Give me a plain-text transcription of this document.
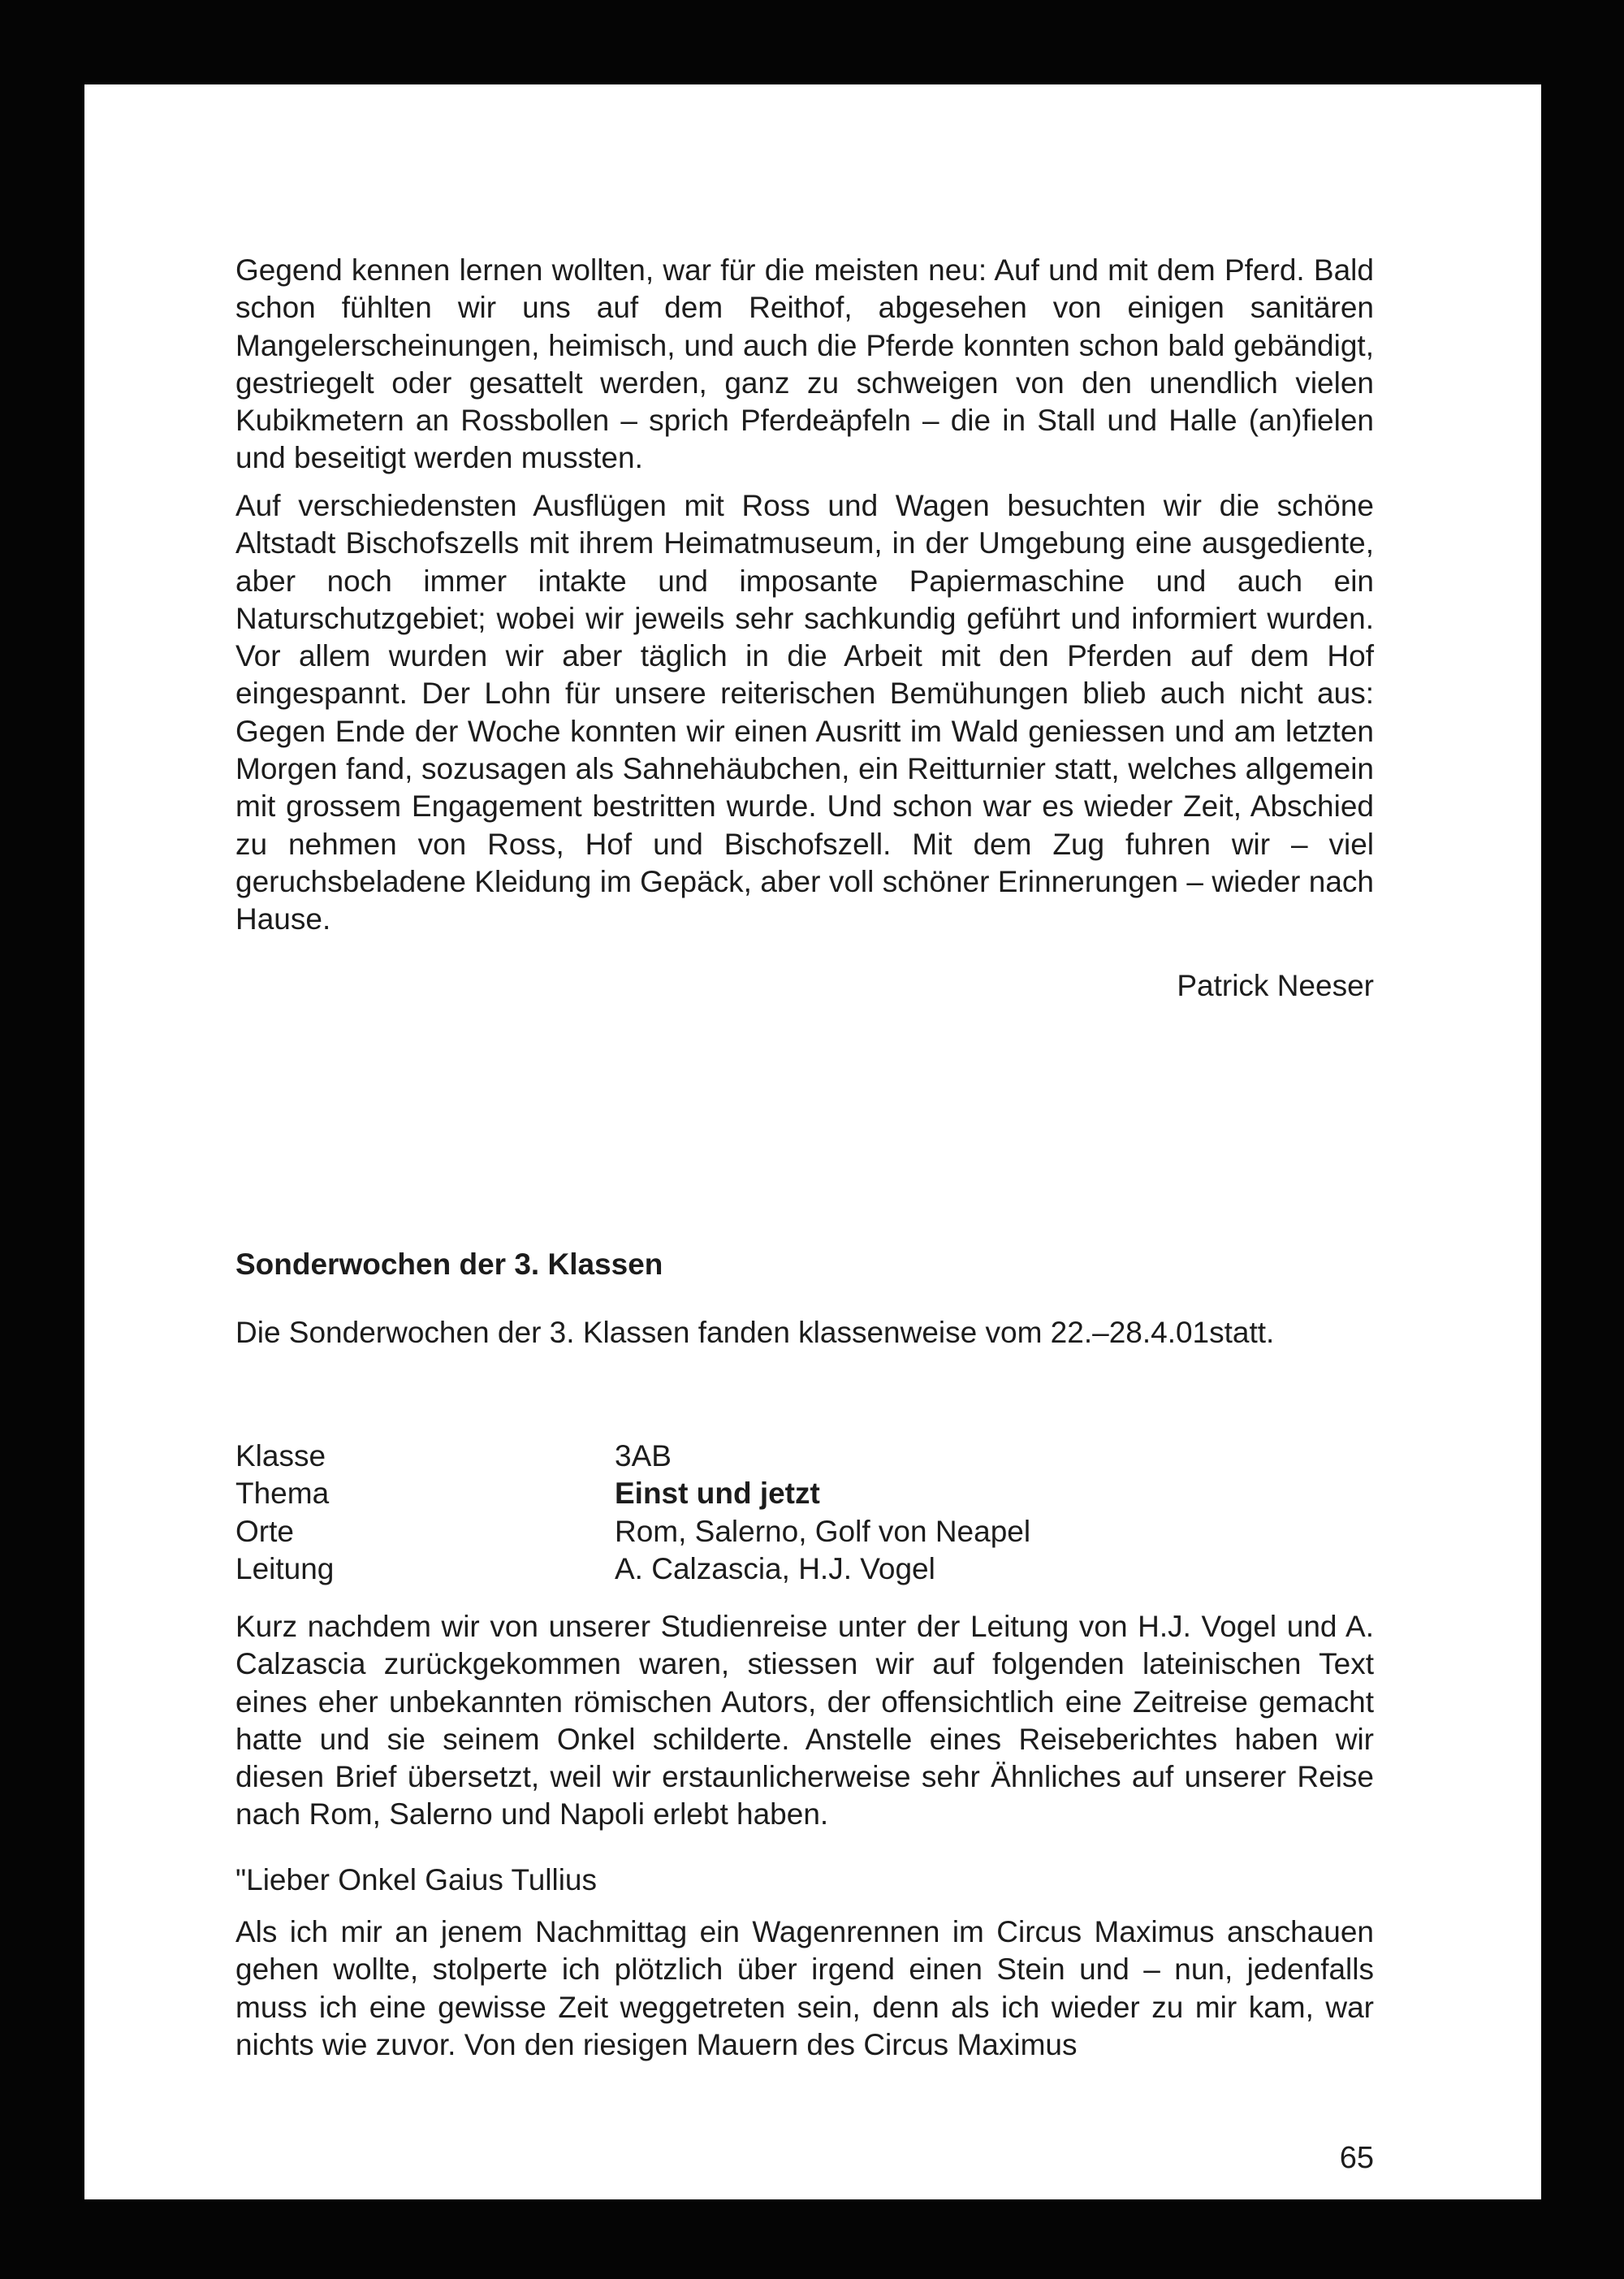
Gegend kennen lernen wollten, war für die meisten neu: Auf und mit dem Pferd. Bald schon fühlten wir uns auf dem Reithof, abgesehen von einigen sanitären Mangelerscheinungen, heimisch, und auch die Pferde konnten schon bald gebändigt, gestriegelt oder gesattelt werden, ganz zu schweigen von den unendlich vielen Kubikmetern an Rossbollen – sprich Pferdeäpfeln – die in Stall und Halle (an)fielen und beseitigt werden mussten.

Auf verschiedensten Ausflügen mit Ross und Wagen besuchten wir die schöne Altstadt Bischofszells mit ihrem Heimatmuseum, in der Umgebung eine ausgediente, aber noch immer intakte und imposante Papiermaschine und auch ein Naturschutzgebiet; wobei wir jeweils sehr sachkundig geführt und informiert wurden. Vor allem wurden wir aber täglich in die Arbeit mit den Pferden auf dem Hof eingespannt. Der Lohn für unsere reiterischen Bemühungen blieb auch nicht aus: Gegen Ende der Woche konnten wir einen Ausritt im Wald geniessen und am letzten Morgen fand, sozusagen als Sahnehäubchen, ein Reitturnier statt, welches allgemein mit grossem Engagement bestritten wurde. Und schon war es wieder Zeit, Abschied zu nehmen von Ross, Hof und Bischofszell. Mit dem Zug fuhren wir – viel geruchsbeladene Kleidung im Gepäck, aber voll schöner Erinnerungen – wieder nach Hause.

Patrick Neeser

Sonderwochen der 3. Klassen

Die Sonderwochen der 3. Klassen fanden klassenweise vom 22.–28.4.01statt.

Klasse	3AB
Thema	Einst und jetzt
Orte	Rom, Salerno, Golf von Neapel
Leitung	A. Calzascia, H.J. Vogel

Kurz nachdem wir von unserer Studienreise unter der Leitung von H.J. Vogel und A. Calzascia zurückgekommen waren, stiessen wir auf folgenden lateinischen Text eines eher unbekannten römischen Autors, der offensichtlich eine Zeitreise gemacht hatte und sie seinem Onkel schilderte. Anstelle eines Reiseberichtes haben wir diesen Brief übersetzt, weil wir erstaunlicherweise sehr Ähnliches auf unserer Reise nach Rom, Salerno und Napoli erlebt haben.

"Lieber Onkel Gaius Tullius

Als ich mir an jenem Nachmittag ein Wagenrennen im Circus Maximus anschauen gehen wollte, stolperte ich plötzlich über irgend einen Stein und – nun, jedenfalls muss ich eine gewisse Zeit weggetreten sein, denn als ich wieder zu mir kam, war nichts wie zuvor. Von den riesigen Mauern des Circus Maximus

65
